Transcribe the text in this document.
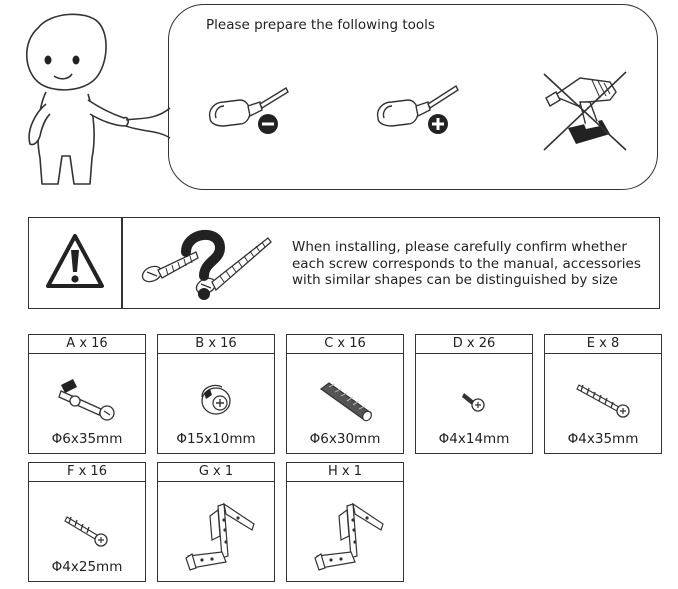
Please prepare the following tools
When installing, please carefully confirm whether each screw corresponds to the manual, accessories with similar shapes can be distinguished by size
A x 16
Φ6x35mm
B x 16
Φ15x10mm
C x 16
Φ6x30mm
D x 26
Φ4x14mm
E x 8
Φ4x35mm
F x 16
Φ4x25mm
G x 1	H x 1
